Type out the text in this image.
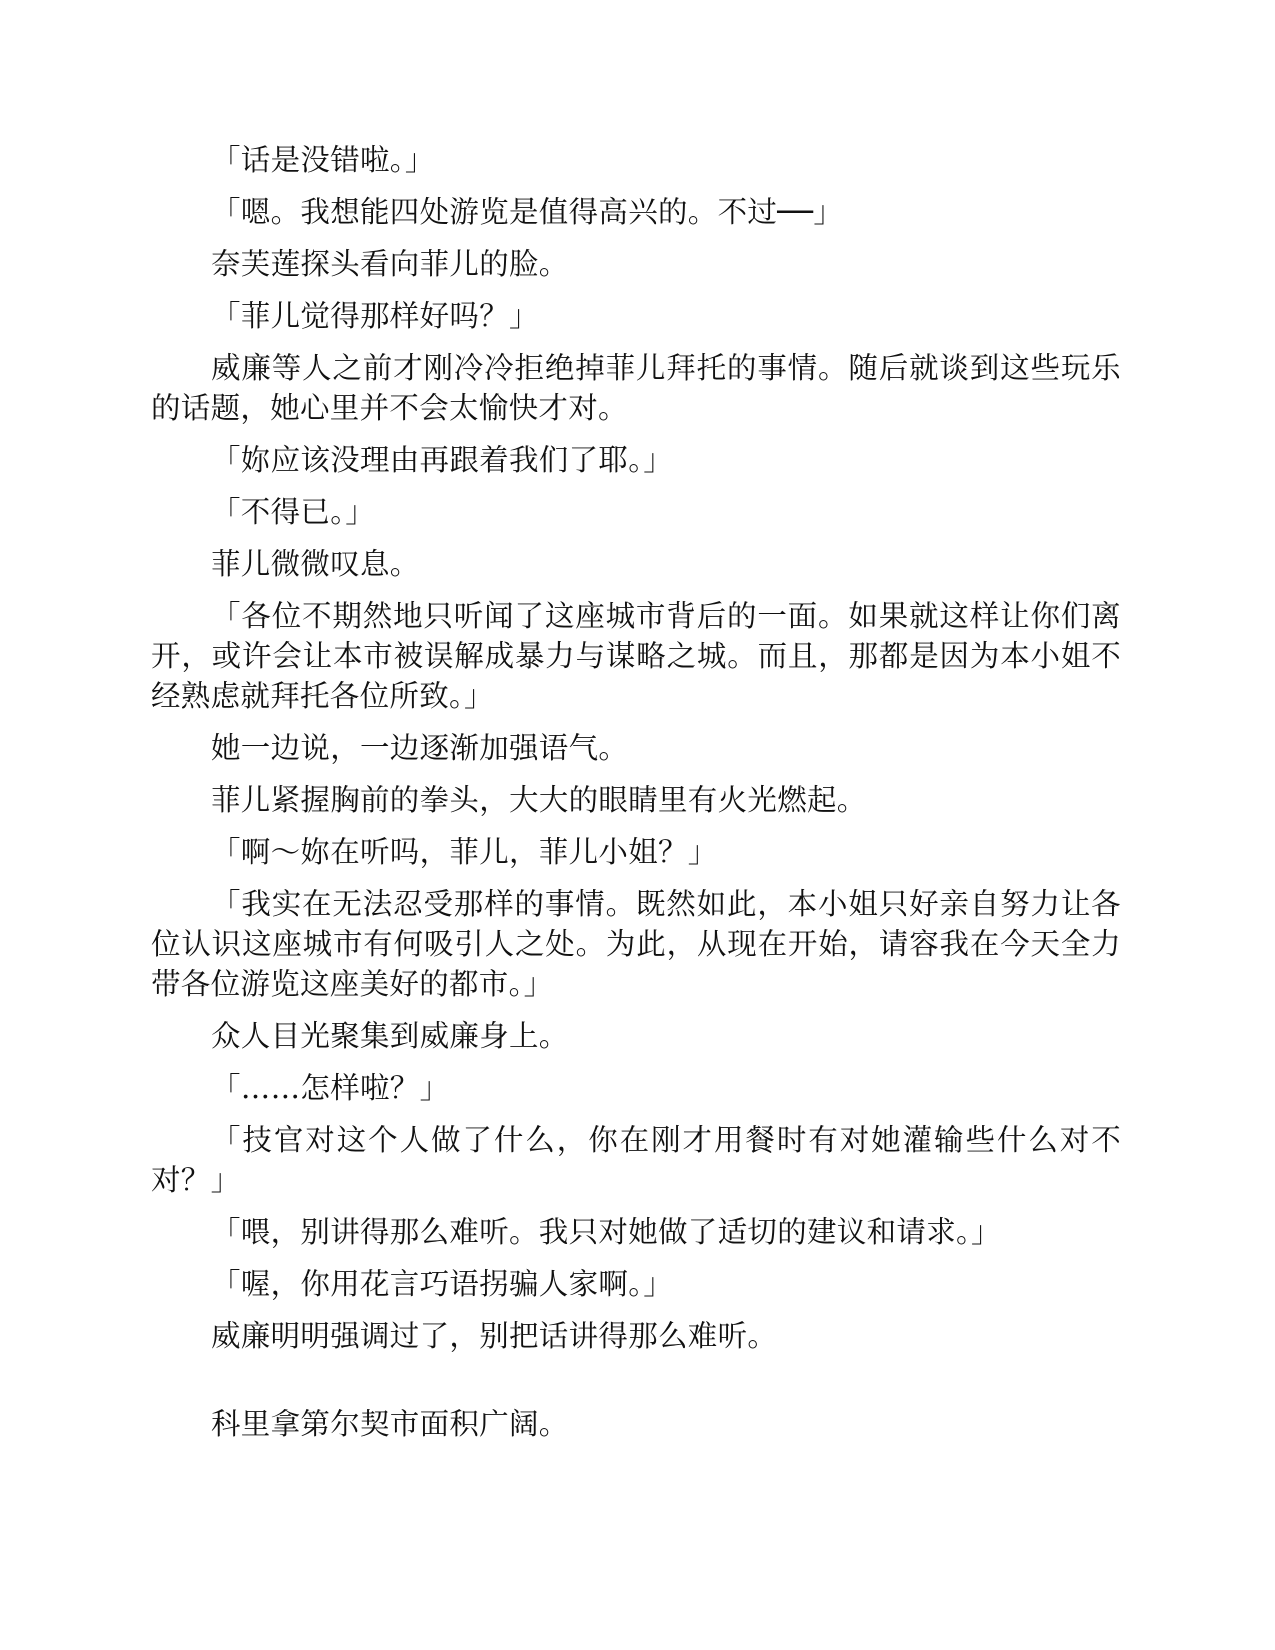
「话是没错啦。」

「嗯。我想能四处游览是值得高兴的。不过──」

奈芙莲探头看向菲儿的脸。

「菲儿觉得那样好吗？」

威廉等人之前才刚冷冷拒绝掉菲儿拜托的事情。随后就谈到这些玩乐的话题，她心里并不会太愉快才对。

「妳应该没理由再跟着我们了耶。」

「不得已。」

菲儿微微叹息。

「各位不期然地只听闻了这座城市背后的一面。如果就这样让你们离开，或许会让本市被误解成暴力与谋略之城。而且，那都是因为本小姐不经熟虑就拜托各位所致。」

她一边说，一边逐渐加强语气。

菲儿紧握胸前的拳头，大大的眼睛里有火光燃起。

「啊～妳在听吗，菲儿，菲儿小姐？」

「我实在无法忍受那样的事情。既然如此，本小姐只好亲自努力让各位认识这座城市有何吸引人之处。为此，从现在开始，请容我在今天全力带各位游览这座美好的都市。」

众人目光聚集到威廉身上。

「……怎样啦？」

「技官对这个人做了什么，你在刚才用餐时有对她灌输些什么对不对？」

「喂，别讲得那么难听。我只对她做了适切的建议和请求。」

「喔，你用花言巧语拐骗人家啊。」

威廉明明强调过了，别把话讲得那么难听。

科里拿第尔契市面积广阔。
